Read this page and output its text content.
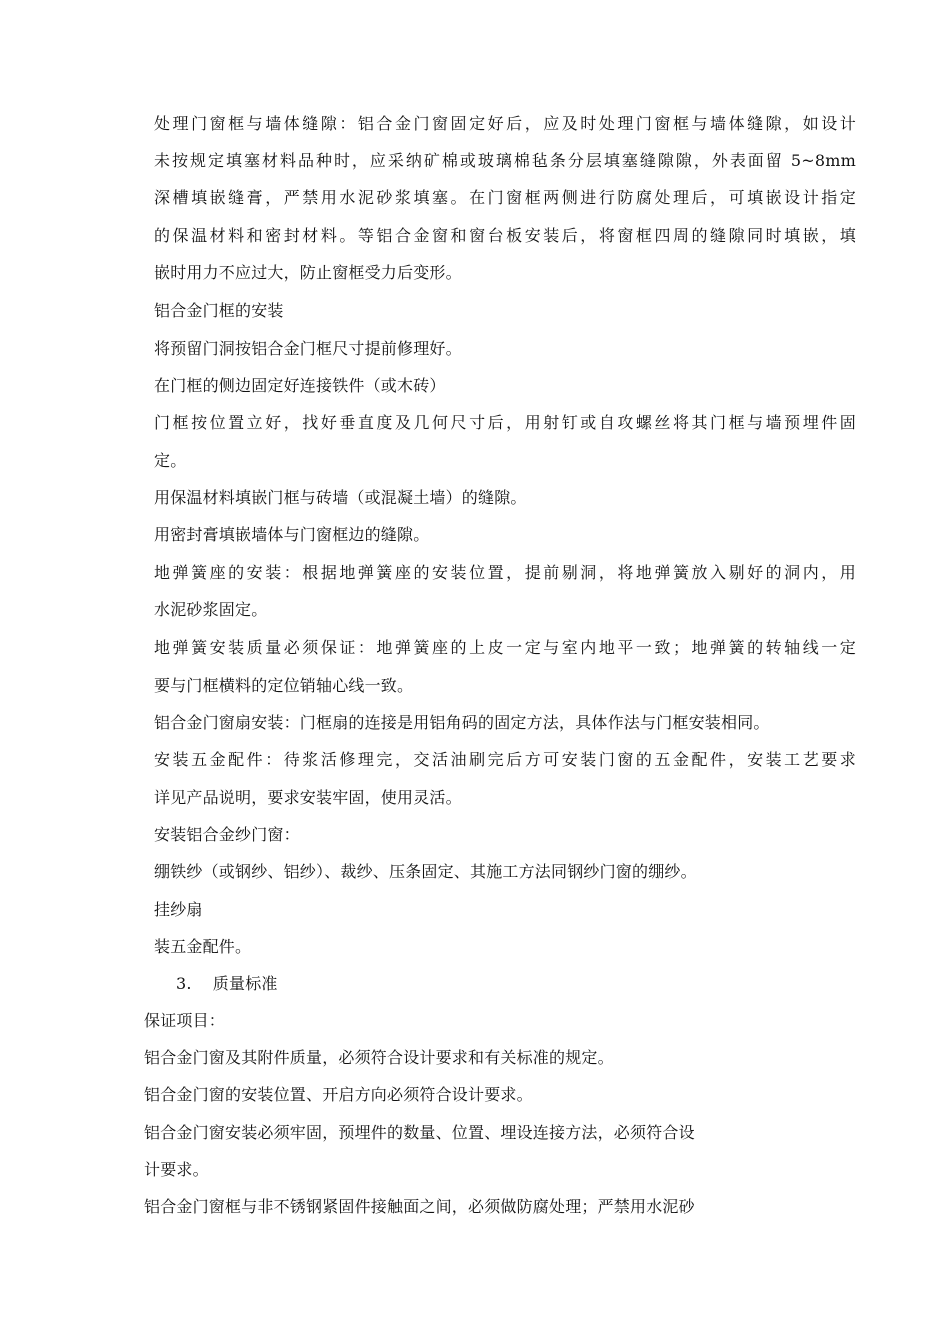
处理门窗框与墙体缝隙：铝合金门窗固定好后，应及时处理门窗框与墙体缝隙，如设计
未按规定填塞材料品种时，应采纳矿棉或玻璃棉毡条分层填塞缝隙隙，外表面留 5~8mm
深槽填嵌缝膏，严禁用水泥砂浆填塞。在门窗框两侧进行防腐处理后，可填嵌设计指定
的保温材料和密封材料。等铝合金窗和窗台板安装后，将窗框四周的缝隙同时填嵌，填
嵌时用力不应过大，防止窗框受力后变形。
铝合金门框的安装
将预留门洞按铝合金门框尺寸提前修理好。
在门框的侧边固定好连接铁件（或木砖）
门框按位置立好，找好垂直度及几何尺寸后，用射钉或自攻螺丝将其门框与墙预埋件固
定。
用保温材料填嵌门框与砖墙（或混凝土墙）的缝隙。
用密封膏填嵌墙体与门窗框边的缝隙。
地弹簧座的安装：根据地弹簧座的安装位置，提前剔洞，将地弹簧放入剔好的洞内，用
水泥砂浆固定。
地弹簧安装质量必须保证：地弹簧座的上皮一定与室内地平一致；地弹簧的转轴线一定
要与门框横料的定位销轴心线一致。
铝合金门窗扇安装：门框扇的连接是用铝角码的固定方法，具体作法与门框安装相同。
安装五金配件：待浆活修理完，交活油刷完后方可安装门窗的五金配件，安装工艺要求
详见产品说明，要求安装牢固，使用灵活。
安装铝合金纱门窗：
绷铁纱（或钢纱、铝纱）、裁纱、压条固定、其施工方法同钢纱门窗的绷纱。
挂纱扇
装五金配件。
3.    质量标准
保证项目：
铝合金门窗及其附件质量，必须符合设计要求和有关标准的规定。
铝合金门窗的安装位置、开启方向必须符合设计要求。
铝合金门窗安装必须牢固，预埋件的数量、位置、埋设连接方法，必须符合设
计要求。
铝合金门窗框与非不锈钢紧固件接触面之间，必须做防腐处理；严禁用水泥砂
